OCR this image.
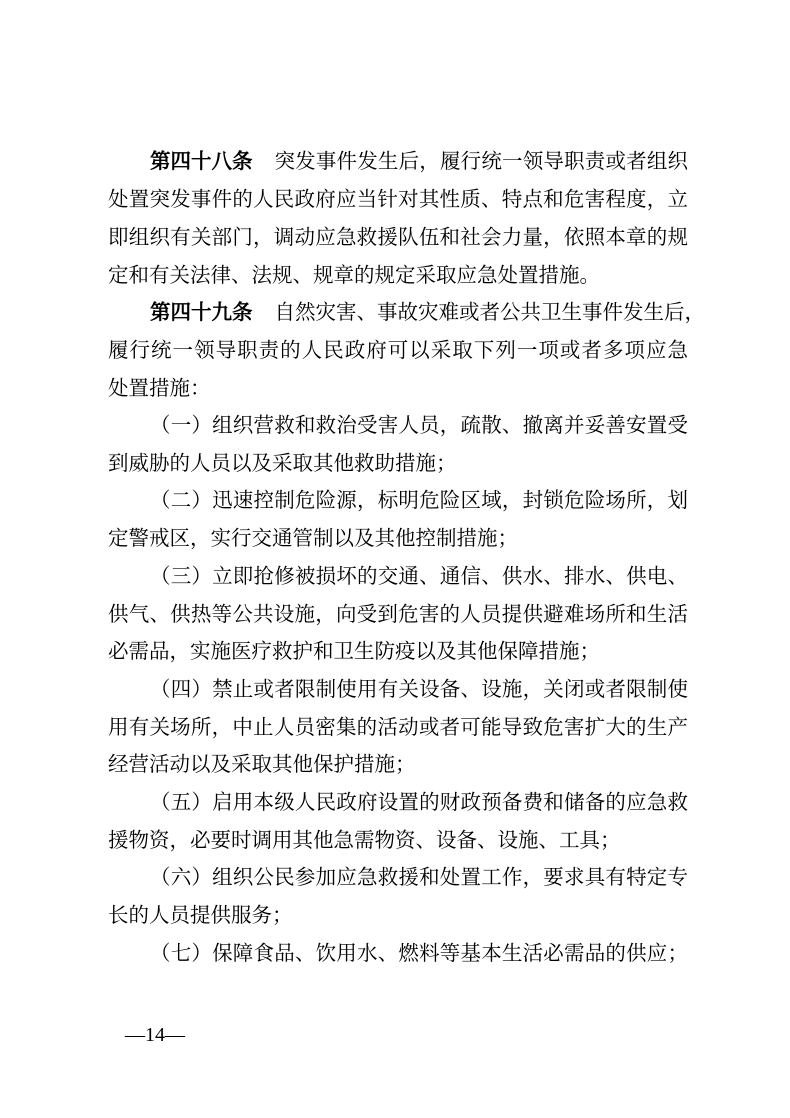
第四十八条 突发事件发生后，履行统一领导职责或者组织
处置突发事件的人民政府应当针对其性质、特点和危害程度，立
即组织有关部门，调动应急救援队伍和社会力量，依照本章的规
定和有关法律、法规、规章的规定采取应急处置措施。
第四十九条 自然灾害、事故灾难或者公共卫生事件发生后，
履行统一领导职责的人民政府可以采取下列一项或者多项应急
处置措施：
（一）组织营救和救治受害人员，疏散、撤离并妥善安置受
到威胁的人员以及采取其他救助措施；
（二）迅速控制危险源，标明危险区域，封锁危险场所，划
定警戒区，实行交通管制以及其他控制措施；
（三）立即抢修被损坏的交通、通信、供水、排水、供电、
供气、供热等公共设施，向受到危害的人员提供避难场所和生活
必需品，实施医疗救护和卫生防疫以及其他保障措施；
（四）禁止或者限制使用有关设备、设施，关闭或者限制使
用有关场所，中止人员密集的活动或者可能导致危害扩大的生产
经营活动以及采取其他保护措施；
（五）启用本级人民政府设置的财政预备费和储备的应急救
援物资，必要时调用其他急需物资、设备、设施、工具；
（六）组织公民参加应急救援和处置工作，要求具有特定专
长的人员提供服务；
（七）保障食品、饮用水、燃料等基本生活必需品的供应；
—14—
